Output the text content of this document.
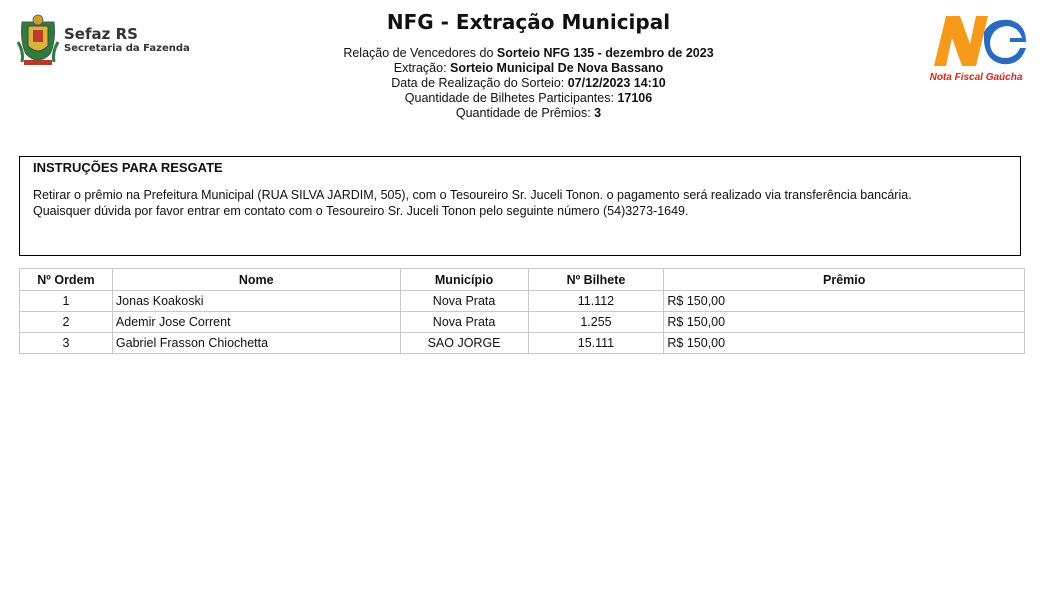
Sefaz RS
Secretaria da Fazenda
NFG - Extração Municipal
Relação de Vencedores do Sorteio NFG 135 - dezembro de 2023
Extração: Sorteio Municipal De Nova Bassano
Data de Realização do Sorteio: 07/12/2023 14:10
Quantidade de Bilhetes Participantes: 17106
Quantidade de Prêmios: 3
Nota Fiscal Gaúcha
INSTRUÇÕES PARA RESGATE

Retirar o prêmio na Prefeitura Municipal (RUA SILVA JARDIM, 505), com o Tesoureiro Sr. Juceli Tonon. o pagamento será realizado via transferência bancária.
Quaisquer dúvida por favor entrar em contato com o Tesoureiro Sr. Juceli Tonon pelo seguinte número (54)3273-1649.

Nº Ordem	Nome	Município	Nº Bilhete	Prêmio
1	Jonas Koakoski	Nova Prata	11.112	R$ 150,00
2	Ademir Jose Corrent	Nova Prata	1.255	R$ 150,00
3	Gabriel Frasson Chiochetta	SAO JORGE	15.111	R$ 150,00
